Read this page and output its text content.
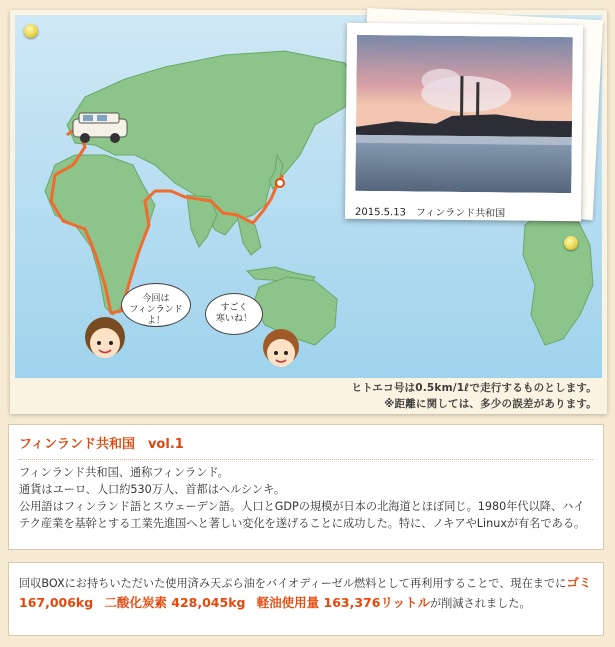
今回は
フィンランドよ！
すごく
寒いね！
ヒトエコ号は0.5km/1ℓで走行するものとします。
※距離に関しては、多少の誤差があります。
2015.5.13　フィンランド共和国
フィンランド共和国　vol.1
フィンランド共和国、通称フィンランド。
通貨はユーロ、人口約530万人、首都はヘルシンキ。
公用語はフィンランド語とスウェーデン語。人口とGDPの規模が日本の北海道とほぼ同じ。1980年代以降、ハイテク産業を基幹とする工業先進国へと著しい変化を遂げることに成功した。特に、ノキアやLinuxが有名である。
回収BOXにお持ちいただいた使用済み天ぷら油をバイオディーゼル燃料として再利用することで、現在までにゴミ 167,006kg　 二酸化炭素 428,045kg　 軽油使用量 163,376リットルが削減されました。
